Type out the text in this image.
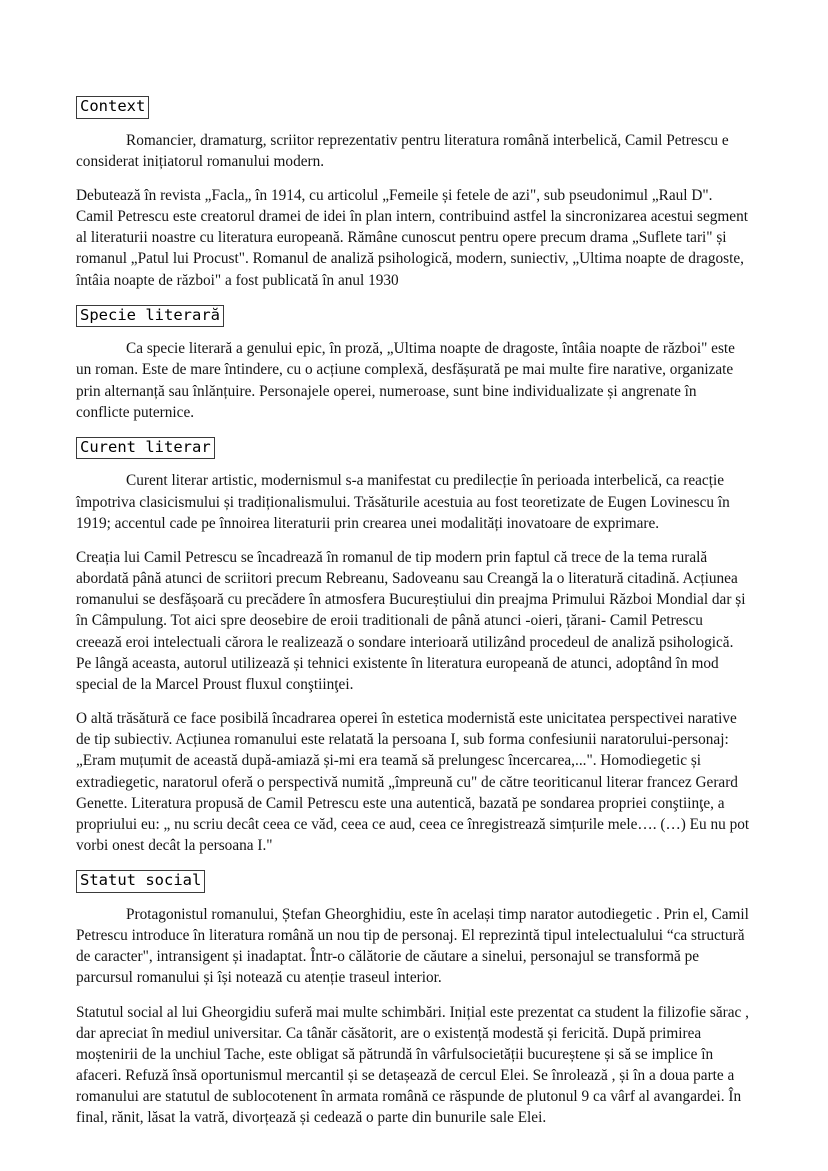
Context

Romancier, dramaturg, scriitor reprezentativ pentru literatura română interbelică, Camil Petrescu e considerat inițiatorul romanului modern.

Debutează în revista „Facla„ în 1914, cu articolul „Femeile și fetele de azi", sub pseudonimul „Raul D". Camil Petrescu este creatorul dramei de idei în plan intern, contribuind astfel la sincronizarea acestui segment al literaturii noastre cu literatura europeană. Rămâne cunoscut pentru opere precum drama „Suflete tari" și romanul „Patul lui Procust". Romanul de analiză psihologică, modern, suniectiv, „Ultima noapte de dragoste, întâia noapte de război" a fost publicată în anul 1930

Specie literară

Ca specie literară a genului epic, în proză, „Ultima noapte de dragoste, întâia noapte de război" este un roman. Este de mare întindere, cu o acțiune complexă, desfășurată pe mai multe fire narative, organizate prin alternanță sau înlănțuire. Personajele operei, numeroase, sunt bine individualizate și angrenate în conflicte puternice.

Curent literar

Curent literar artistic, modernismul s-a manifestat cu predilecție în perioada interbelică, ca reacție împotriva clasicismului și tradiționalismului. Trăsăturile acestuia au fost teoretizate de Eugen Lovinescu în 1919; accentul cade pe înnoirea literaturii prin crearea unei modalități inovatoare de exprimare.

Creația lui Camil Petrescu se încadrează în romanul de tip modern prin faptul că trece de la tema rurală abordată până atunci de scriitori precum Rebreanu, Sadoveanu sau Creangă la o literatură citadină. Acțiunea romanului se desfășoară cu precădere în atmosfera Bucureștiului din preajma Primului Război Mondial dar și în Câmpulung. Tot aici spre deosebire de eroii traditionali de până atunci -oieri, țărani- Camil Petrescu creează eroi intelectuali cărora le realizează o sondare interioară utilizând procedeul de analiză psihologică. Pe lângă aceasta, autorul utilizează și tehnici existente în literatura europeană de atunci, adoptând în mod special de la Marcel Proust fluxul conştiinţei.

O altă trăsătură ce face posibilă încadrarea operei în estetica modernistă este unicitatea perspectivei narative de tip subiectiv. Acțiunea romanului este relatată la persoana I, sub forma confesiunii naratorului-personaj:„Eram muțumit de această după-amiază și-mi era teamă să prelungesc încercarea,...". Homodiegetic și extradiegetic, naratorul oferă o perspectivă numită „împreună cu" de către teoriticanul literar francez Gerard Genette. Literatura propusă de Camil Petrescu este una autentică, bazată pe sondarea propriei conştiinţe, a propriului eu: „ nu scriu decât ceea ce văd, ceea ce aud, ceea ce înregistrează simțurile mele…. (…) Eu nu pot vorbi onest decât la persoana I."

Statut social

Protagonistul romanului, Ștefan Gheorghidiu, este în același timp narator autodiegetic . Prin el, Camil Petrescu introduce în literatura română un nou tip de personaj. El reprezintă tipul intelectualului “ca structură de caracter", intransigent și inadaptat. Într-o călătorie de căutare a sinelui, personajul se transformă pe parcursul romanului și își notează cu atenție traseul interior.

Statutul social al lui Gheorgidiu suferă mai multe schimbări. Inițial este prezentat ca student la filizofie sărac , dar apreciat în mediul universitar. Ca tânăr căsătorit, are o existență modestă și fericită. După primirea moștenirii de la unchiul Tache, este obligat să pătrundă în vârfulsocietății bucureștene și să se implice în afaceri. Refuză însă oportunismul mercantil și se detașează de cercul Elei. Se înrolează , și în a doua parte a romanului are statutul de sublocotenent în armata română ce răspunde de plutonul 9 ca vârf al avangardei. În final, rănit, lăsat la vatră, divorțează și cedează o parte din bunurile sale Elei.
